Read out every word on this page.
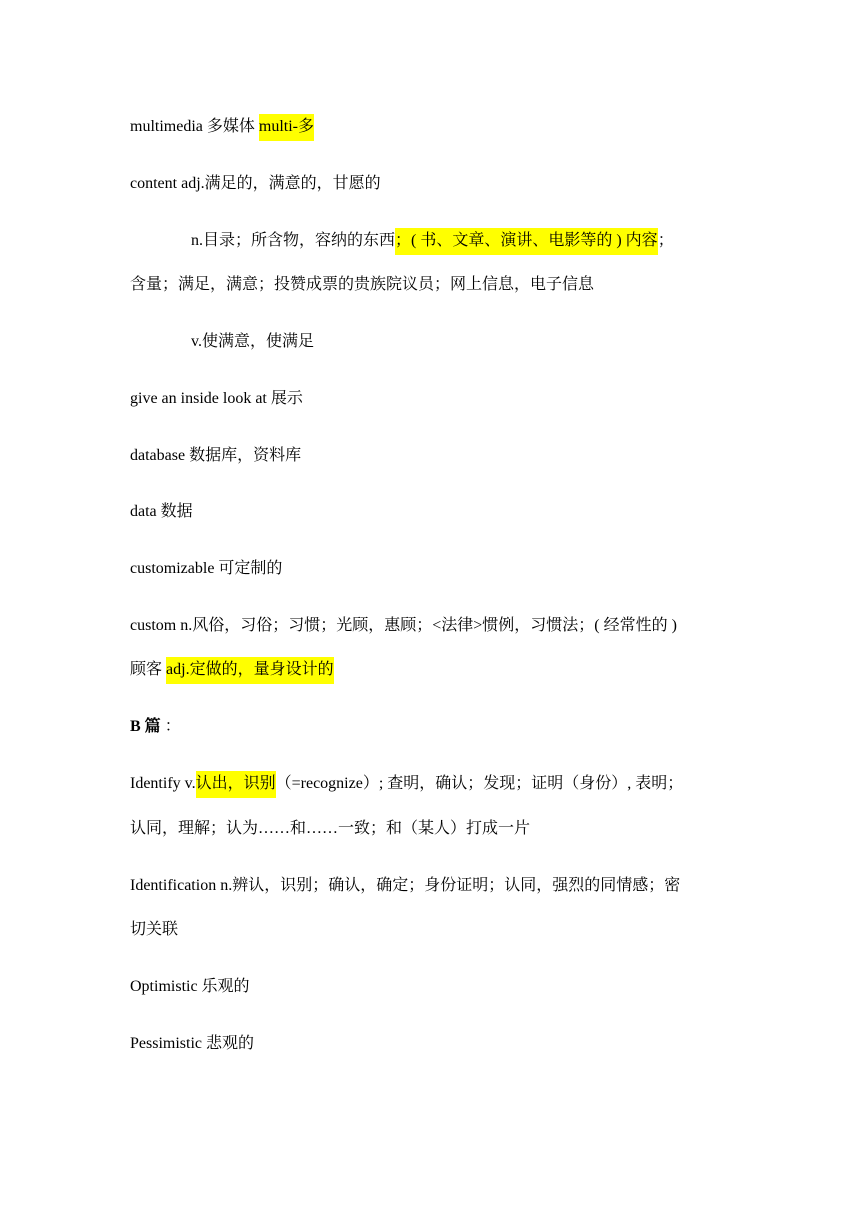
multimedia 多媒体 multi-多
content adj.满足的，满意的，甘愿的
n.目录；所含物，容纳的东西；( 书、文章、演讲、电影等的 ) 内容；
含量；满足，满意；投赞成票的贵族院议员；网上信息，电子信息
v.使满意，使满足
give an inside look at 展示
database 数据库，资料库
data 数据
customizable 可定制的
custom n.风俗，习俗；习惯；光顾，惠顾；<法律>惯例，习惯法；( 经常性的 )
顾客 adj.定做的，量身设计的
B 篇 ：
Identify v.认出，识别（=recognize）; 查明，确认；发现；证明（身份）, 表明；
认同，理解；认为……和……一致；和（某人）打成一片
Identification n.辨认，识别；确认，确定；身份证明；认同，强烈的同情感；密
切关联
Optimistic 乐观的
Pessimistic 悲观的
